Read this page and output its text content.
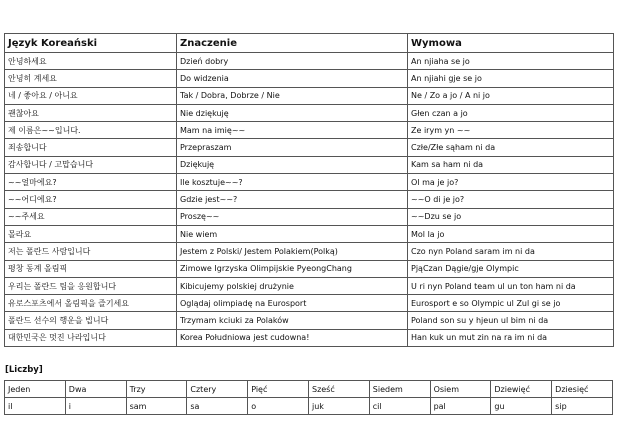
Język Koreański	Znaczenie	Wymowa
안녕하세요	Dzień dobry	An njiaha se jo
안녕히 계세요	Do widzenia	An njiahi gje se jo
네 / 좋아요 / 아니요	Tak / Dobra, Dobrze / Nie	Ne / Zo a jo / A ni jo
괜찮아요	Nie dziękuję	Głen czan a jo
제 이름은~~입니다.	Mam na imię~~	Ze irym yn ~~
죄송합니다	Przepraszam	Człe/Złe sąham ni da
감사합니다 / 고맙습니다	Dziękuję	Kam sa ham ni da
~~얼마에요?	Ile kosztuje~~?	Ol ma je jo?
~~어디에요?	Gdzie jest~~?	~~O di je jo?
~~주세요	Proszę~~	~~Dzu se jo
몰라요	Nie wiem	Mol la jo
저는 폴란드 사람입니다	Jestem z Polski/ Jestem Polakiem(Polką)	Czo nyn Poland saram im ni da
평창 동계 올림픽	Zimowe Igrzyska Olimpijskie PyeongChang	PjąCzan Dągie/gje Olympic
우리는 폴란드 팀을 응원합니다	Kibicujemy polskiej drużynie	U ri nyn Poland team ul un ton ham ni da
유로스포츠에서 올림픽을 즐기세요	Oglądaj olimpiadę na Eurosport	Eurosport e so Olympic ul Zul gi se jo
폴란드 선수의 행운을 빕니다	Trzymam kciuki za Polaków	Poland son su y hjeun ul bim ni da
대한민국은 멋진 나라입니다	Korea Południowa jest cudowna!	Han kuk un mut zin na ra im ni da
[Liczby]
Jeden	Dwa	Trzy	Cztery	Pięć	Sześć	Siedem	Osiem	Dziewięć	Dziesięć
il	i	sam	sa	o	juk	cil	pal	gu	sip
